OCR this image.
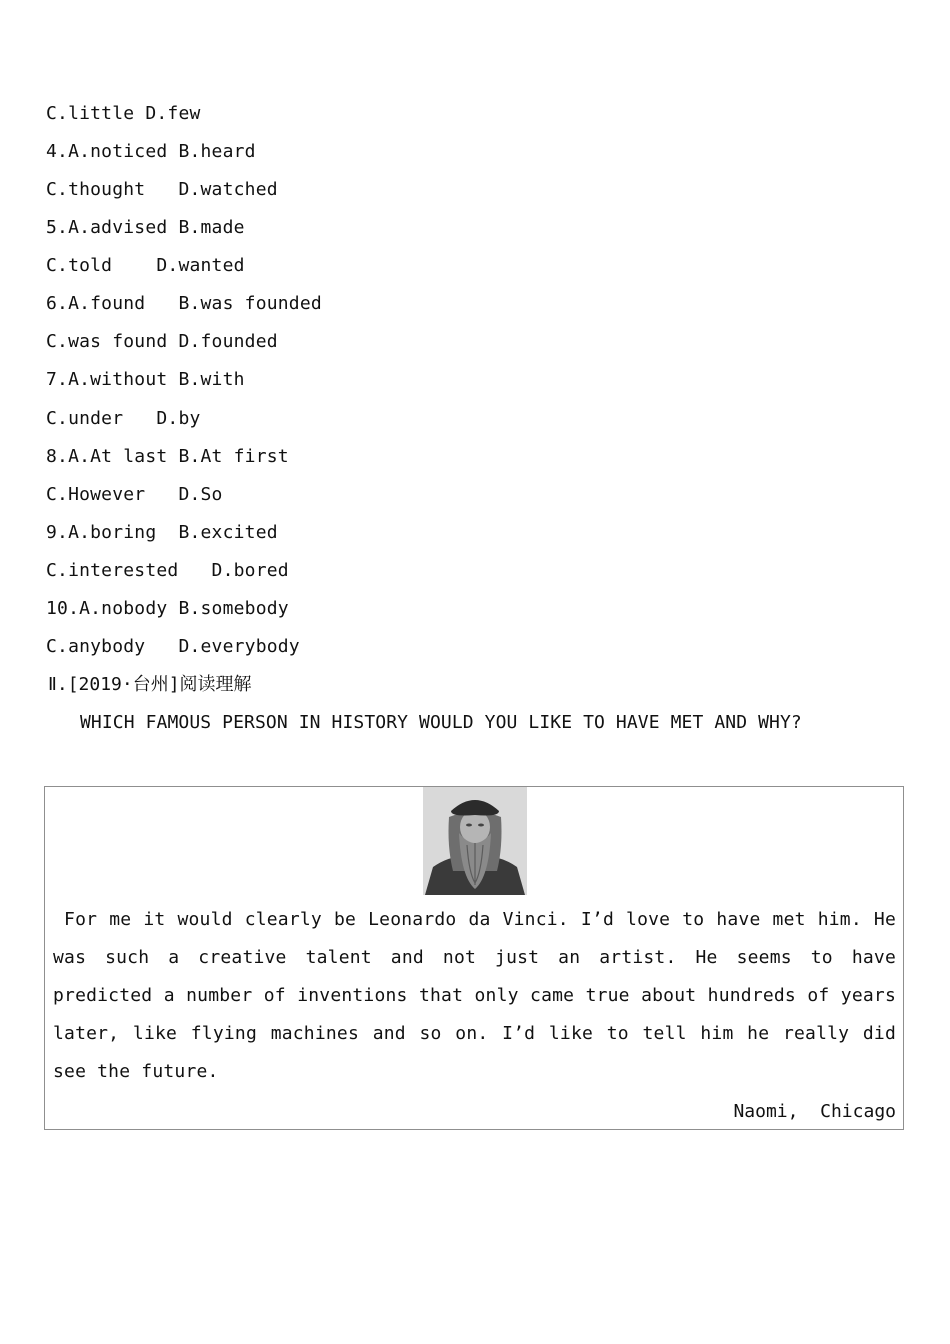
C.little D.few
4.A.noticed B.heard
C.thought   D.watched
5.A.advised B.made
C.told    D.wanted
6.A.found   B.was founded
C.was found D.founded
7.A.without B.with
C.under   D.by
8.A.At last B.At first
C.However   D.So
9.A.boring  B.excited
C.interested   D.bored
10.A.nobody B.somebody
C.anybody   D.everybody
Ⅱ.[2019·台州]阅读理解
WHICH FAMOUS PERSON IN HISTORY WOULD YOU LIKE TO HAVE MET AND WHY?
 For me it would clearly be Leonardo da Vinci. I’d love to have met him. He was such a creative talent and not just an artist. He seems to have predicted a number of inventions that only came true about hundreds of years later, like flying machines and so on. I’d like to tell him he really did see the future.
Naomi,  Chicago
